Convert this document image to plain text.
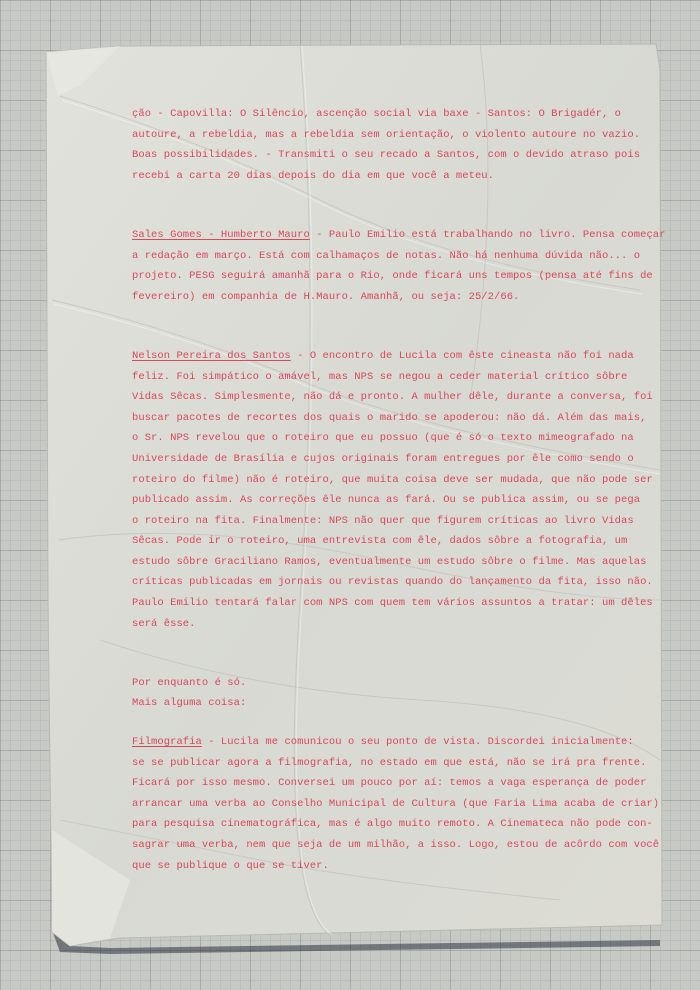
ção - Capovilla: O Silêncio, ascenção social via baxe - Santos: O Brigadér, o
autoure, a rebeldia, mas a rebeldia sem orientação, o violento autoure no vazio.
Boas possibilidades. - Transmiti o seu recado a Santos, com o devido atraso pois
recebi a carta 20 dias depois do dia em que você a meteu.
Sales Gomes - Humberto Mauro - Paulo Emilio está trabalhando no livro. Pensa começar
a redação em março. Está com calhamaços de notas. Não há nenhuma dúvida não... o
projeto. PESG seguirá amanhã para o Rio, onde ficará uns tempos (pensa até fins de
fevereiro) em companhia de H.Mauro. Amanhã, ou seja: 25/2/66.
Nelson Pereira dos Santos - O encontro de Lucila com êste cineasta não foi nada
feliz. Foi simpático o amável, mas NPS se negou a ceder material crítico sôbre
Vidas Sêcas. Simplesmente, não dá e pronto. A mulher dêle, durante a conversa, foi
buscar pacotes de recortes dos quais o marido se apoderou: não dá. Além das mais,
o Sr. NPS revelou que o roteiro que eu possuo (que é só o texto mimeografado na
Universidade de Brasília e cujos originais foram entregues por êle como sendo o
roteiro do filme) não é roteiro, que muita coisa deve ser mudada, que não pode ser
publicado assim. As correções êle nunca as fará. Ou se publica assim, ou se pega
o roteiro na fita. Finalmente: NPS não quer que figurem críticas ao livro Vidas
Sêcas. Pode ir o roteiro, uma entrevista com êle, dados sôbre a fotografia, um
estudo sôbre Graciliano Ramos, eventualmente um estudo sôbre o filme. Mas aquelas
críticas publicadas em jornais ou revistas quando do lançamento da fita, isso não.
Paulo Emilio tentará falar com NPS com quem tem vários assuntos a tratar: um dêles
será êsse.
Por enquanto é só.
Mais alguma coisa:
Filmografia - Lucila me comunicou o seu ponto de vista. Discordei inicialmente:
se se publicar agora a filmografia, no estado em que está, não se irá pra frente.
Ficará por isso mesmo. Conversei um pouco por aí: temos a vaga esperança de poder
arrancar uma verba ao Conselho Municipal de Cultura (que Faria Lima acaba de criar)
para pesquisa cinematográfica, mas é algo muito remoto. A Cinemateca não pode con-
sagrar uma verba, nem que seja de um milhão, a isso. Logo, estou de acôrdo com você
que se publique o que se tiver.
